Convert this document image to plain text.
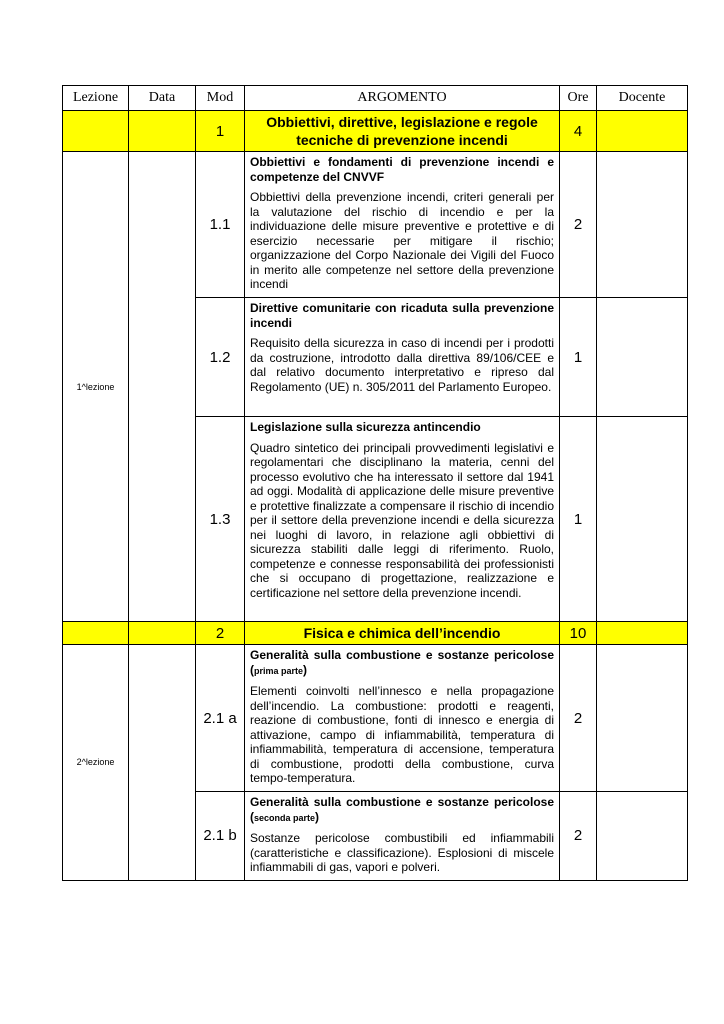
Lezione	Data	Mod	ARGOMENTO	Ore	Docente
		1	Obbiettivi, direttive, legislazione e regole tecniche di prevenzione incendi	4	
1^lezione		1.1	Obbiettivi e fondamenti di prevenzione incendi e competenze del CNVVF
Obbiettivi della prevenzione incendi, criteri generali per la valutazione del rischio di incendio e per la individuazione delle misure preventive e protettive e di esercizio necessarie per mitigare il rischio; organizzazione del Corpo Nazionale dei Vigili del Fuoco in merito alle competenze nel settore della prevenzione incendi	2	
		1.2	Direttive comunitarie con ricaduta sulla prevenzione incendi
Requisito della sicurezza in caso di incendi per i prodotti da costruzione, introdotto dalla direttiva 89/106/CEE e dal relativo documento interpretativo e ripreso dal Regolamento (UE) n. 305/2011 del Parlamento Europeo.	1	
		1.3	Legislazione sulla sicurezza antincendio
Quadro sintetico dei principali provvedimenti legislativi e regolamentari che disciplinano la materia, cenni del processo evolutivo che ha interessato il settore dal 1941 ad oggi. Modalità di applicazione delle misure preventive e protettive finalizzate a compensare il rischio di incendio per il settore della prevenzione incendi e della sicurezza nei luoghi di lavoro, in relazione agli obbiettivi di sicurezza stabiliti dalle leggi di riferimento. Ruolo, competenze e connesse responsabilità dei professionisti che si occupano di progettazione, realizzazione e certificazione nel settore della prevenzione incendi.	1	
		2	Fisica e chimica dell’incendio	10	
2^lezione		2.1 a	Generalità sulla combustione e sostanze pericolose (prima parte)
Elementi coinvolti nell’innesco e nella propagazione dell’incendio. La combustione: prodotti e reagenti, reazione di combustione, fonti di innesco e energia di attivazione, campo di infiammabilità, temperatura di infiammabilità, temperatura di accensione, temperatura di combustione, prodotti della combustione, curva tempo-temperatura.	2	
		2.1 b	Generalità sulla combustione e sostanze pericolose (seconda parte)
Sostanze pericolose combustibili ed infiammabili (caratteristiche e classificazione). Esplosioni di miscele infiammabili di gas, vapori e polveri.	2	
